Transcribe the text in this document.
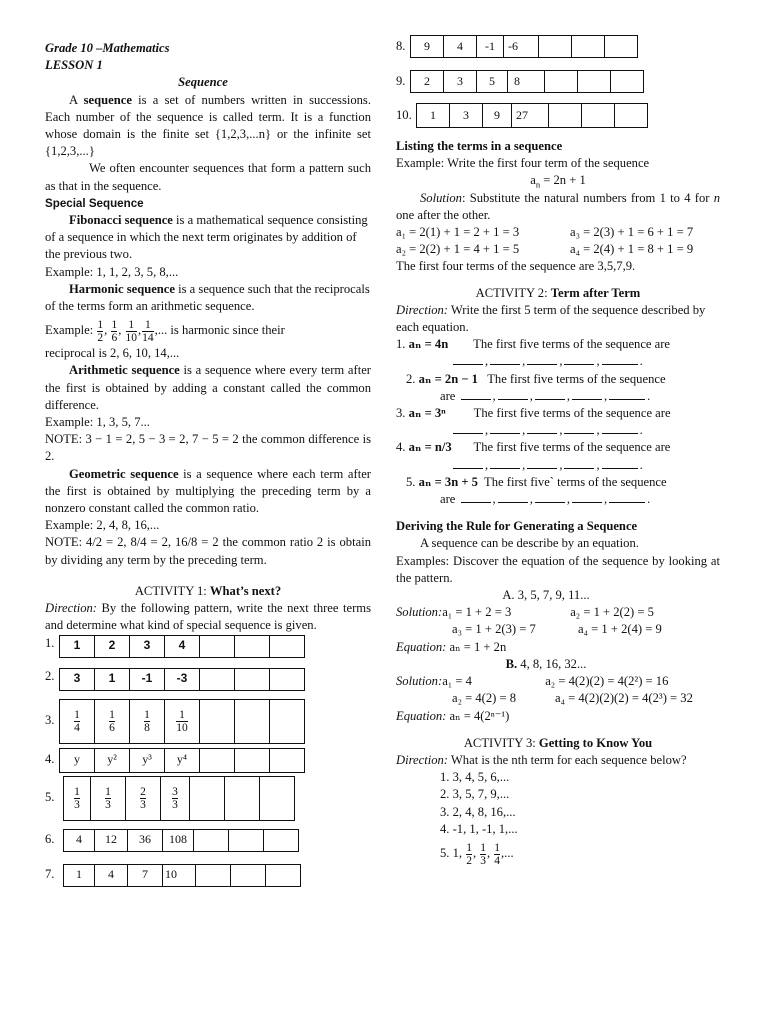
Grade 10 –Mathematics

LESSON 1

Sequence

A sequence is a set of numbers written in successions. Each number of the sequence is called term. It is a function whose domain is the finite set {1,2,3,...n} or the infinite set {1,2,3,...}

We often encounter sequences that form a pattern such as that in the sequence.

Special Sequence

Fibonacci sequence is a mathematical sequence consisting of a sequence in which the next term originates by addition of the previous two.

Example: 1, 1, 2, 3, 5, 8,...

Harmonic sequence is a sequence such that the reciprocals of the terms form an arithmetic sequence.

Example: $\frac{1}{2}$ , $\frac{1}{6}$ , $\frac{1}{10}$ , $\frac{1}{14}$ ,... is harmonic since their

reciprocal is 2, 6, 10, 14,...

Arithmetic sequence is a sequence where every term after the first is obtained by adding a constant called the common difference.

Example: 1, 3, 5, 7...

NOTE: 3 − 1 = 2, 5 − 3 = 2, 7 − 5 = 2 the common difference is 2.

Geometric sequence is a sequence where each term after the first is obtained by multiplying the preceding term by a nonzero constant called the common ratio.

Example: 2, 4, 8, 16,...

NOTE: 4/2 = 2, 8/4 = 2, 16/8 = 2 the common ratio 2 is obtain by dividing any term by the preceding term.

ACTIVITY 1: What’s next?

Direction: By the following pattern, write the next three terms and determine what kind of special sequence is given.

1.	1	2	3	4			
2.	3	1	-1	-3			
3.	$\frac{1}{4}$	$\frac{1}{6}$	$\frac{1}{8}$	$\frac{1}{10}$

4.	y	y²	y³	y⁴			
5.	$\frac{1}{3}$	$\frac{1}{3}$	$\frac{2}{3}$	$\frac{3}{3}$

6.	4	12	36	108			
7.	1	4	7	10			
8.	9	4	-1	-6			
9.	2	3	5	8			
10.	1	3	9	27			

Listing the terms in a sequence

Example: Write the first four term of the sequence

$a_n = 2n + 1$

Solution: Substitute the natural numbers from 1 to 4 for n one after the other.

a₁ = 2(1) + 1 = 2 + 1 = 3	a₃ = 2(3) + 1 = 6 + 1 = 7

a₂ = 2(2) + 1 = 4 + 1 = 5	a₄ = 2(4) + 1 = 8 + 1 = 9

The first four terms of the sequence are 3,5,7,9.

ACTIVITY 2: Term after Term

Direction: Write the first 5 term of the sequence described by each equation.

1. aₙ = 4n        The first five terms of the sequence are

,	,	,	,	.

2. aₙ = 2n − 1   The first five terms of the sequence

are	,	,	,	,	.

3. aₙ = 3ⁿ         The first five terms of the sequence are

,	,	,	,	.

4. aₙ = n/3       The first five terms of the sequence are

,	,	,	,	.

5. aₙ = 3n + 5  The first five` terms of the sequence

are	,	,	,	,	.

Deriving the Rule for Generating a Sequence

A sequence can be describe by an equation.

Examples: Discover the equation of the sequence by looking at the pattern.

A. 3, 5, 7, 9, 11...

Solution:a₁ = 1 + 2 = 3	a₂ = 1 + 2(2) = 5

a₃ = 1 + 2(3) = 7	a₄ = 1 + 2(4) = 9

Equation: aₙ = 1 + 2n

B. 4, 8, 16, 32...

Solution:a₁ = 4	a₂ = 4(2)(2) = 4(2²) = 16

a₂ = 4(2) = 8	a₄ = 4(2)(2)(2) = 4(2³) = 32

Equation: aₙ = 4(2ⁿ⁻¹)

ACTIVITY 3: Getting to Know You

Direction: What is the nth term for each sequence below?

1. 3, 4, 5, 6,...

2. 3, 5, 7, 9,...

3. 2, 4, 8, 16,...

4. -1, 1, -1, 1,...

5. 1, $\frac{1}{2}$ , $\frac{1}{3}$ , $\frac{1}{4}$ ,...
